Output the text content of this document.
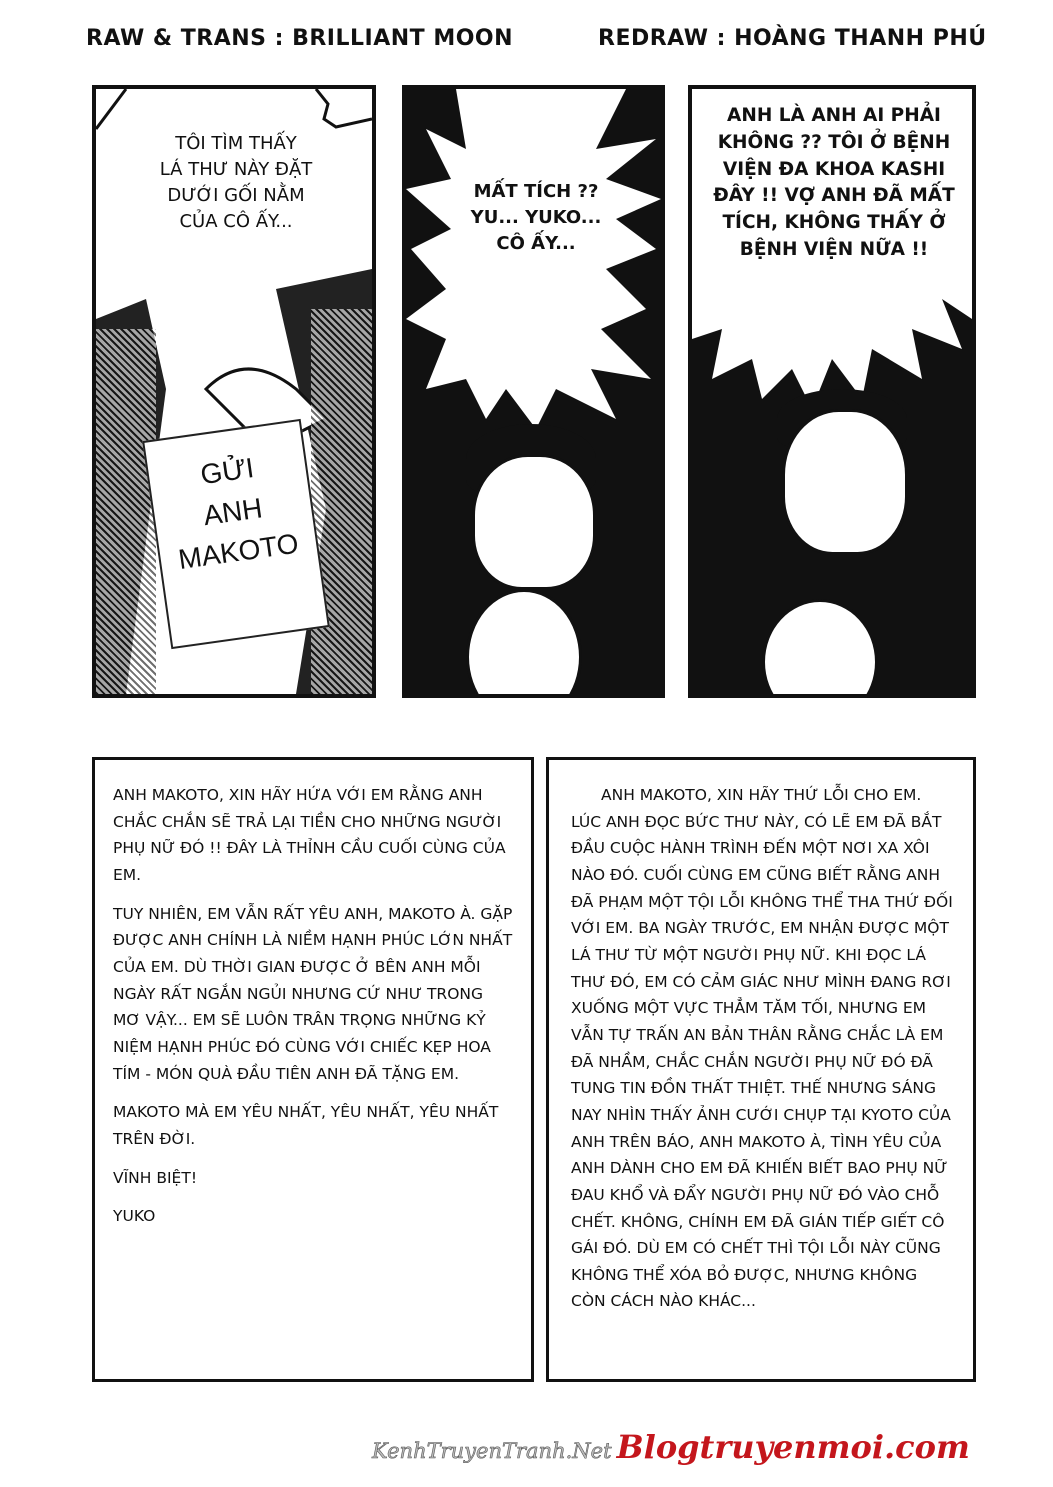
RAW & TRANS : BRILLIANT MOON	REDRAW : HOÀNG THANH PHÚ
TÔI TÌM THẤY
LÁ THƯ NÀY ĐẶT
DƯỚI GỐI NẰM
CỦA CÔ ẤY...
GỬI
ANH
MAKOTO
MẤT TÍCH ??
YU... YUKO...
CÔ ẤY...
ANH LÀ ANH AI PHẢI
KHÔNG ?? TÔI Ở BỆNH
VIỆN ĐA KHOA KASHI
ĐÂY !! VỢ ANH ĐÃ MẤT
TÍCH, KHÔNG THẤY Ở
BỆNH VIỆN NỮA !!

ANH MAKOTO, XIN HÃY HỨA VỚI EM RẰNG ANH CHẮC CHẮN SẼ TRẢ LẠI TIỀN CHO NHỮNG NGƯỜI PHỤ NỮ ĐÓ !! ĐÂY LÀ THỈNH CẦU CUỐI CÙNG CỦA EM.

TUY NHIÊN, EM VẪN RẤT YÊU ANH, MAKOTO À. GẶP ĐƯỢC ANH CHÍNH LÀ NIỀM HẠNH PHÚC LỚN NHẤT CỦA EM. DÙ THỜI GIAN ĐƯỢC Ở BÊN ANH MỖI NGÀY RẤT NGẮN NGỦI NHƯNG CỨ NHƯ TRONG MƠ VẬY... EM SẼ LUÔN TRÂN TRỌNG NHỮNG KỶ NIỆM HẠNH PHÚC ĐÓ CÙNG VỚI CHIẾC KẸP HOA TÍM - MÓN QUÀ ĐẦU TIÊN ANH ĐÃ TẶNG EM.

MAKOTO MÀ EM YÊU NHẤT, YÊU NHẤT, YÊU NHẤT TRÊN ĐỜI.

VĨNH BIỆT!

YUKO

ANH MAKOTO, XIN HÃY THỨ LỖI CHO EM. LÚC ANH ĐỌC BỨC THƯ NÀY, CÓ LẼ EM ĐÃ BẮT ĐẦU CUỘC HÀNH TRÌNH ĐẾN MỘT NƠI XA XÔI NÀO ĐÓ. CUỐI CÙNG EM CŨNG BIẾT RẰNG ANH ĐÃ PHẠM MỘT TỘI LỖI KHÔNG THỂ THA THỨ ĐỐI VỚI EM. BA NGÀY TRƯỚC, EM NHẬN ĐƯỢC MỘT LÁ THƯ TỪ MỘT NGƯỜI PHỤ NỮ. KHI ĐỌC LÁ THƯ ĐÓ, EM CÓ CẢM GIÁC NHƯ MÌNH ĐANG RƠI XUỐNG MỘT VỰC THẲM TĂM TỐI, NHƯNG EM VẪN TỰ TRẤN AN BẢN THÂN RẰNG CHẮC LÀ EM ĐÃ NHẦM, CHẮC CHẮN NGƯỜI PHỤ NỮ ĐÓ ĐÃ TUNG TIN ĐỒN THẤT THIỆT. THẾ NHƯNG SÁNG NAY NHÌN THẤY ẢNH CƯỚI CHỤP TẠI KYOTO CỦA ANH TRÊN BÁO, ANH MAKOTO À, TÌNH YÊU CỦA ANH DÀNH CHO EM ĐÃ KHIẾN BIẾT BAO PHỤ NỮ ĐAU KHỔ VÀ ĐẨY NGƯỜI PHỤ NỮ ĐÓ VÀO CHỖ CHẾT. KHÔNG, CHÍNH EM ĐÃ GIÁN TIẾP GIẾT CÔ GÁI ĐÓ. DÙ EM CÓ CHẾT THÌ TỘI LỖI NÀY CŨNG KHÔNG THỂ XÓA BỎ ĐƯỢC, NHƯNG KHÔNG CÒN CÁCH NÀO KHÁC...

KenhTruyenTranh.Net Blogtruyenmoi.com
